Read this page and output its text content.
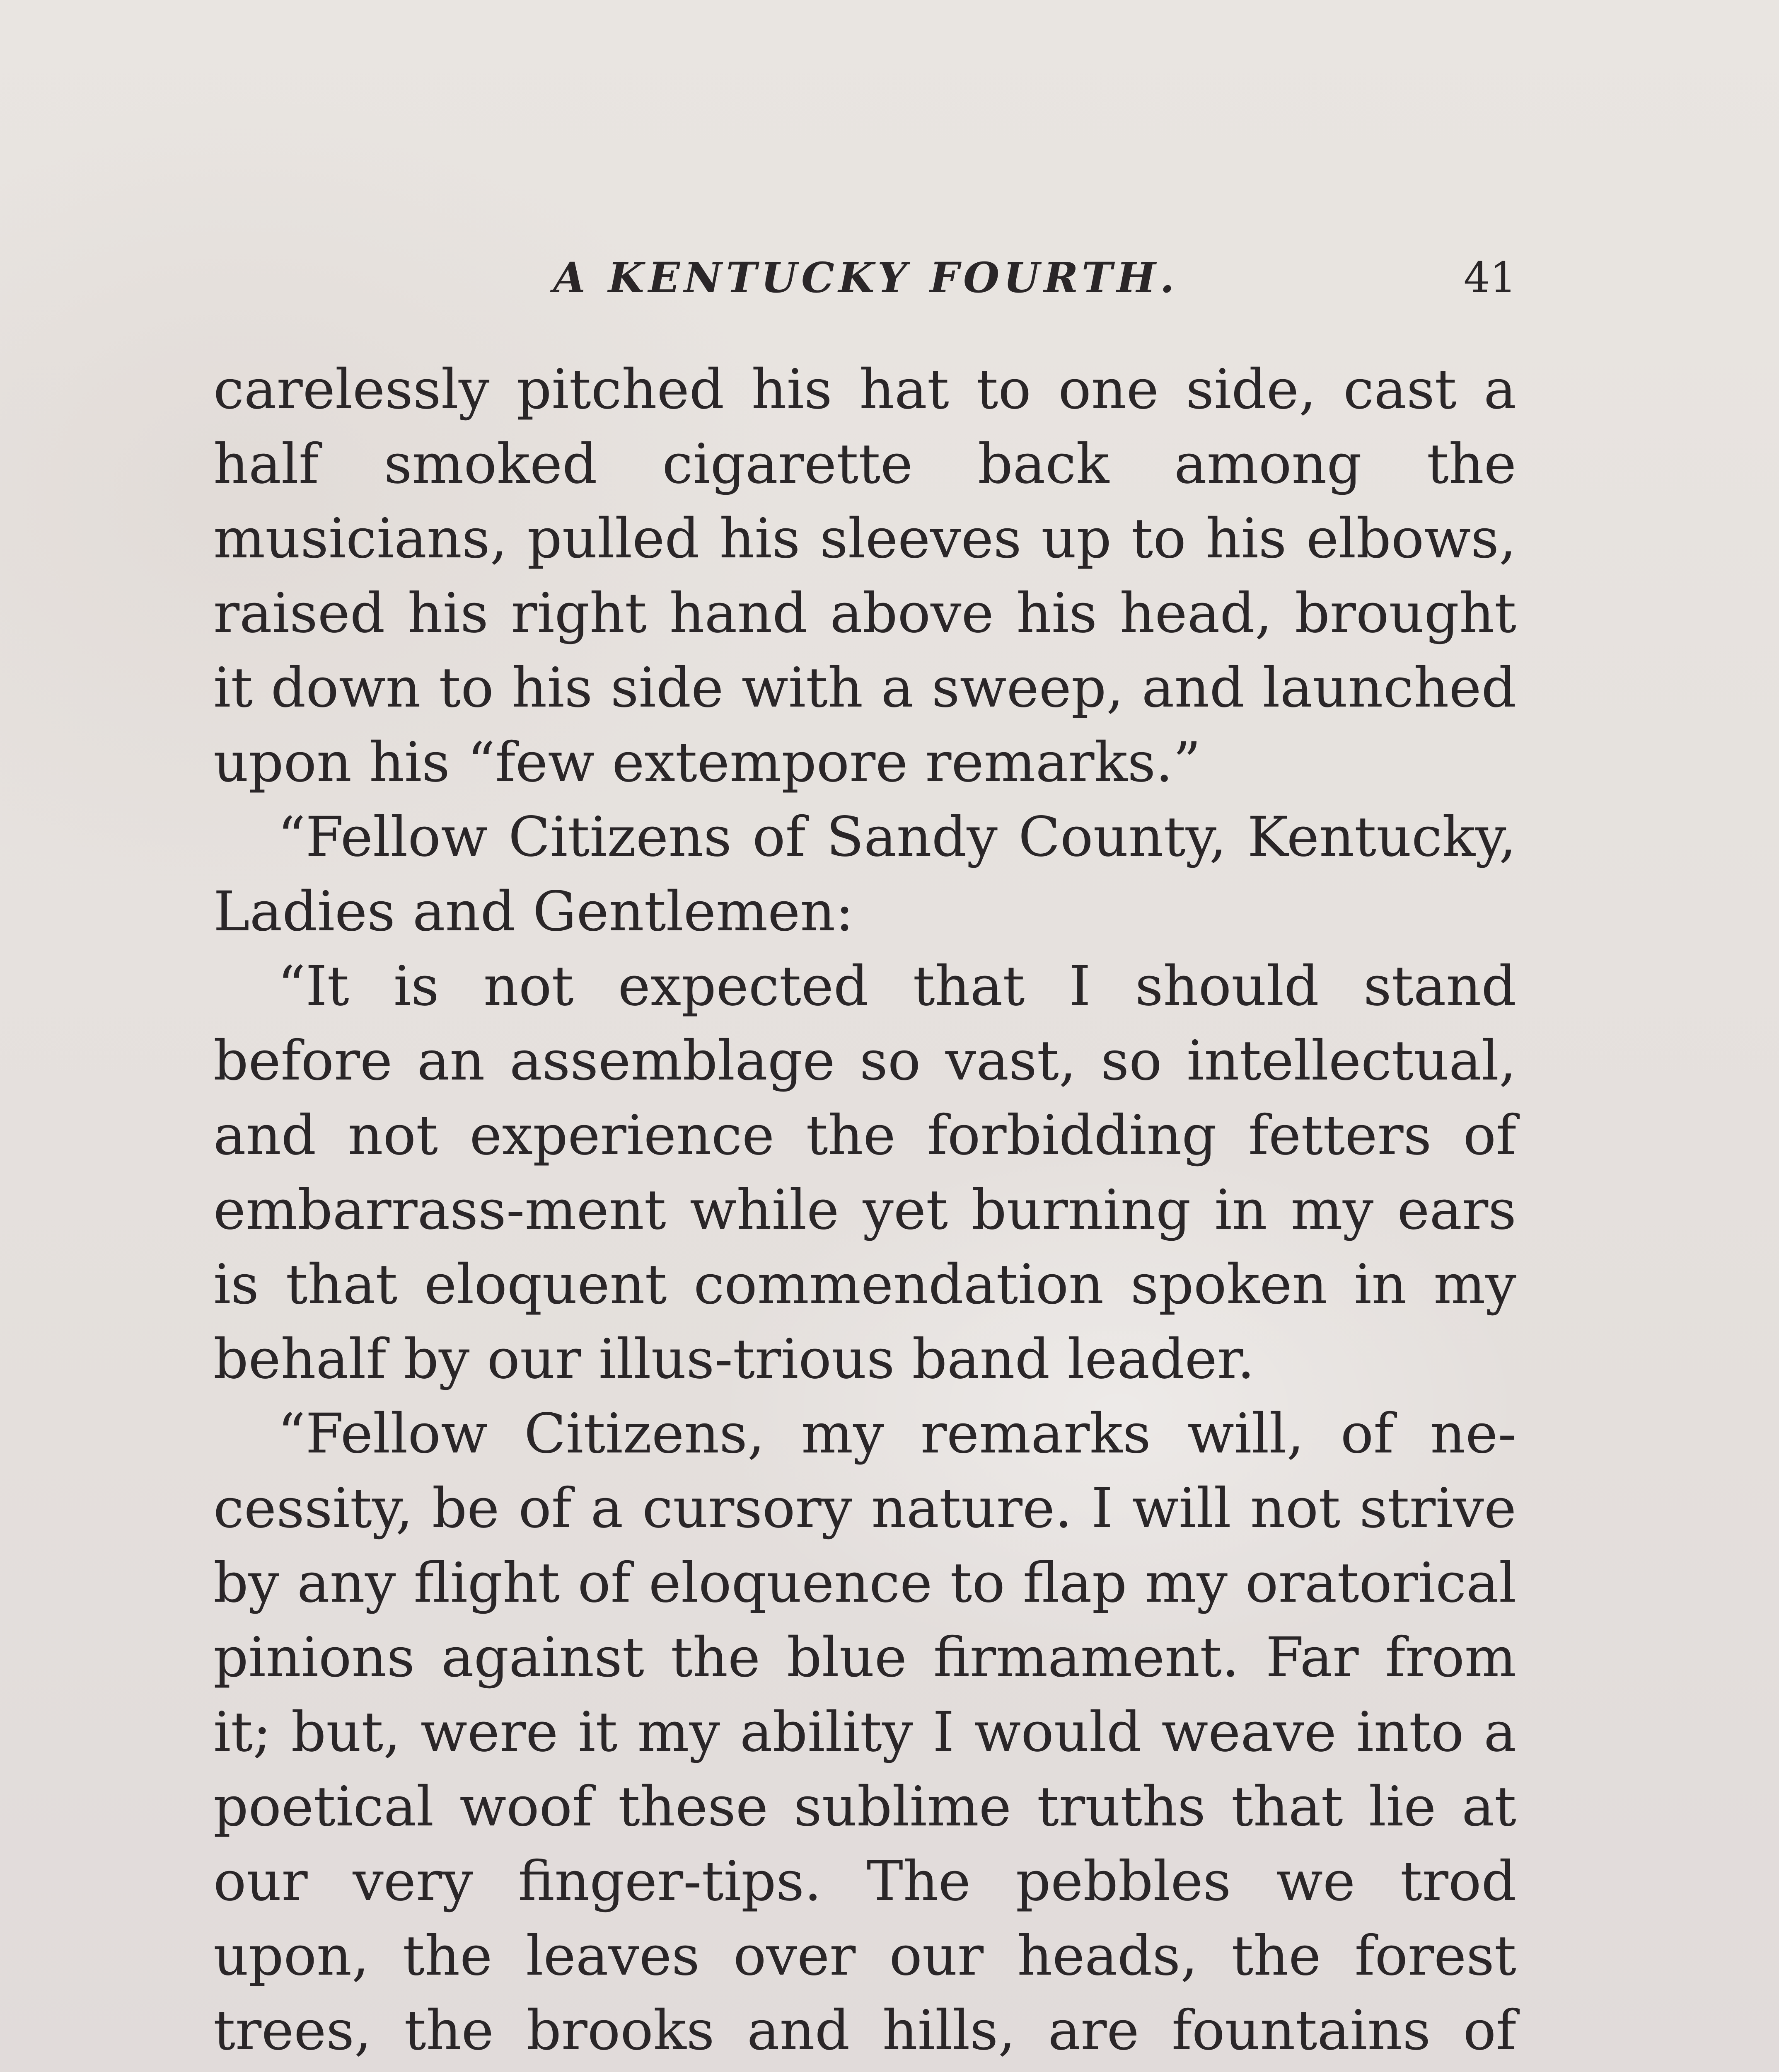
A KENTUCKY FOURTH.	41

carelessly pitched his hat to one side, cast a half smoked cigarette back among the musicians, pulled his sleeves up to his elbows, raised his right hand above his head, brought it down to his side with a sweep, and launched upon his “few extempore remarks.”

“Fellow Citizens of Sandy County, Kentucky, Ladies and Gentlemen:

“It is not expected that I should stand before an assemblage so vast, so intellectual, and not experience the forbidding fetters of embarrass-ment while yet burning in my ears is that eloquent commendation spoken in my behalf by our illus-trious band leader.

“Fellow Citizens, my remarks will, of ne-cessity, be of a cursory nature. I will not strive by any flight of eloquence to flap my oratorical pinions against the blue firmament. Far from it; but, were it my ability I would weave into a poetical woof these sublime truths that lie at our very finger-tips. The pebbles we trod upon, the leaves over our heads, the forest trees, the brooks and hills, are fountains of
